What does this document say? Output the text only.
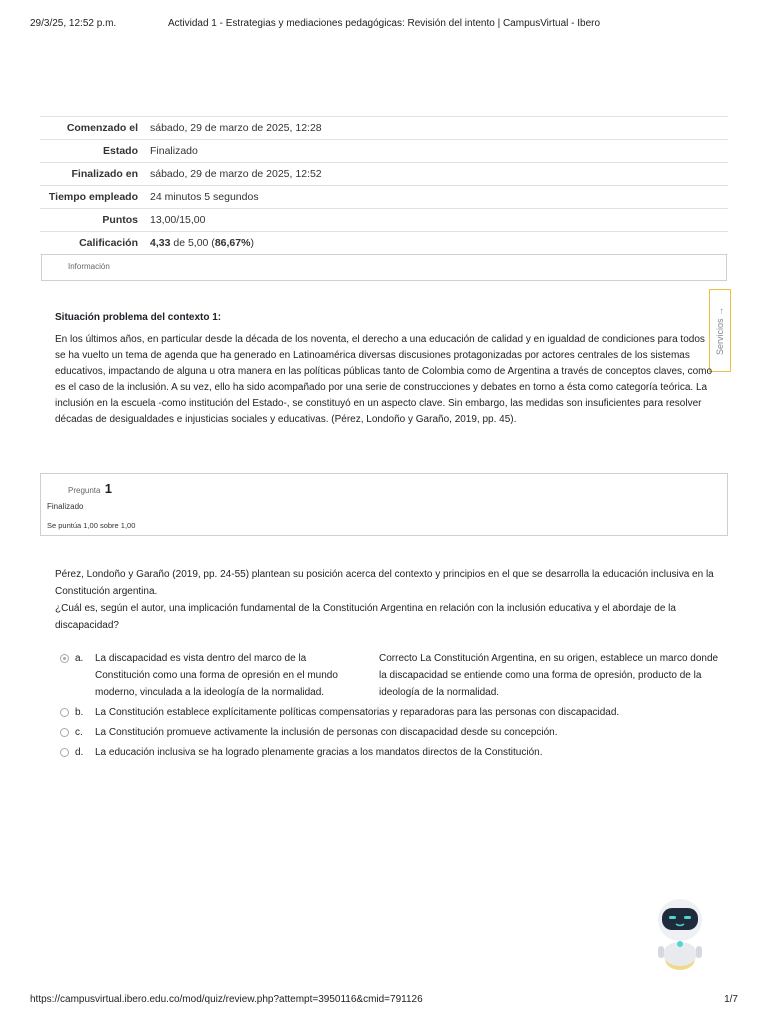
29/3/25, 12:52 p.m.	Actividad 1 - Estrategias y mediaciones pedagógicas: Revisión del intento | CampusVirtual - Ibero
Comenzado el	sábado, 29 de marzo de 2025, 12:28
Estado	Finalizado
Finalizado en	sábado, 29 de marzo de 2025, 12:52
Tiempo empleado	24 minutos 5 segundos
Puntos	13,00/15,00
Calificación	4,33 de 5,00 (86,67%)
Información
Servicios →
Situación problema del contexto 1:

En los últimos años, en particular desde la década de los noventa, el derecho a una educación de calidad y en igualdad de condiciones para todos se ha vuelto un tema de agenda que ha generado en Latinoamérica diversas discusiones protagonizadas por actores centrales de los sistemas educativos, impactando de alguna u otra manera en las políticas públicas tanto de Colombia como de Argentina a través de conceptos claves, como es el caso de la inclusión. A su vez, ello ha sido acompañado por una serie de construcciones y debates en torno a ésta como categoría teórica. La inclusión en la escuela -como institución del Estado-, se constituyó en un aspecto clave. Sin embargo, las medidas son insuficientes para resolver décadas de desigualdades e injusticias sociales y educativas. (Pérez, Londoño y Garaño, 2019, pp. 45).

Pregunta 1
Finalizado
Se puntúa 1,00 sobre 1,00

Pérez, Londoño y Garaño (2019, pp. 24-55) plantean su posición acerca del contexto y principios en el que se desarrolla la educación inclusiva en la Constitución argentina.

¿Cuál es, según el autor, una implicación fundamental de la Constitución Argentina en relación con la inclusión educativa y el abordaje de la discapacidad?

a.	La discapacidad es vista dentro del marco de la Constitución como una forma de opresión en el mundo moderno, vinculada a la ideología de la normalidad.
Correcto La Constitución Argentina, en su origen, establece un marco donde la discapacidad se entiende como una forma de opresión, producto de la ideología de la normalidad.
b.	La Constitución establece explícitamente políticas compensatorias y reparadoras para las personas con discapacidad.
c.	La Constitución promueve activamente la inclusión de personas con discapacidad desde su concepción.
d.	La educación inclusiva se ha logrado plenamente gracias a los mandatos directos de la Constitución.
https://campusvirtual.ibero.edu.co/mod/quiz/review.php?attempt=3950116&cmid=791126	1/7
